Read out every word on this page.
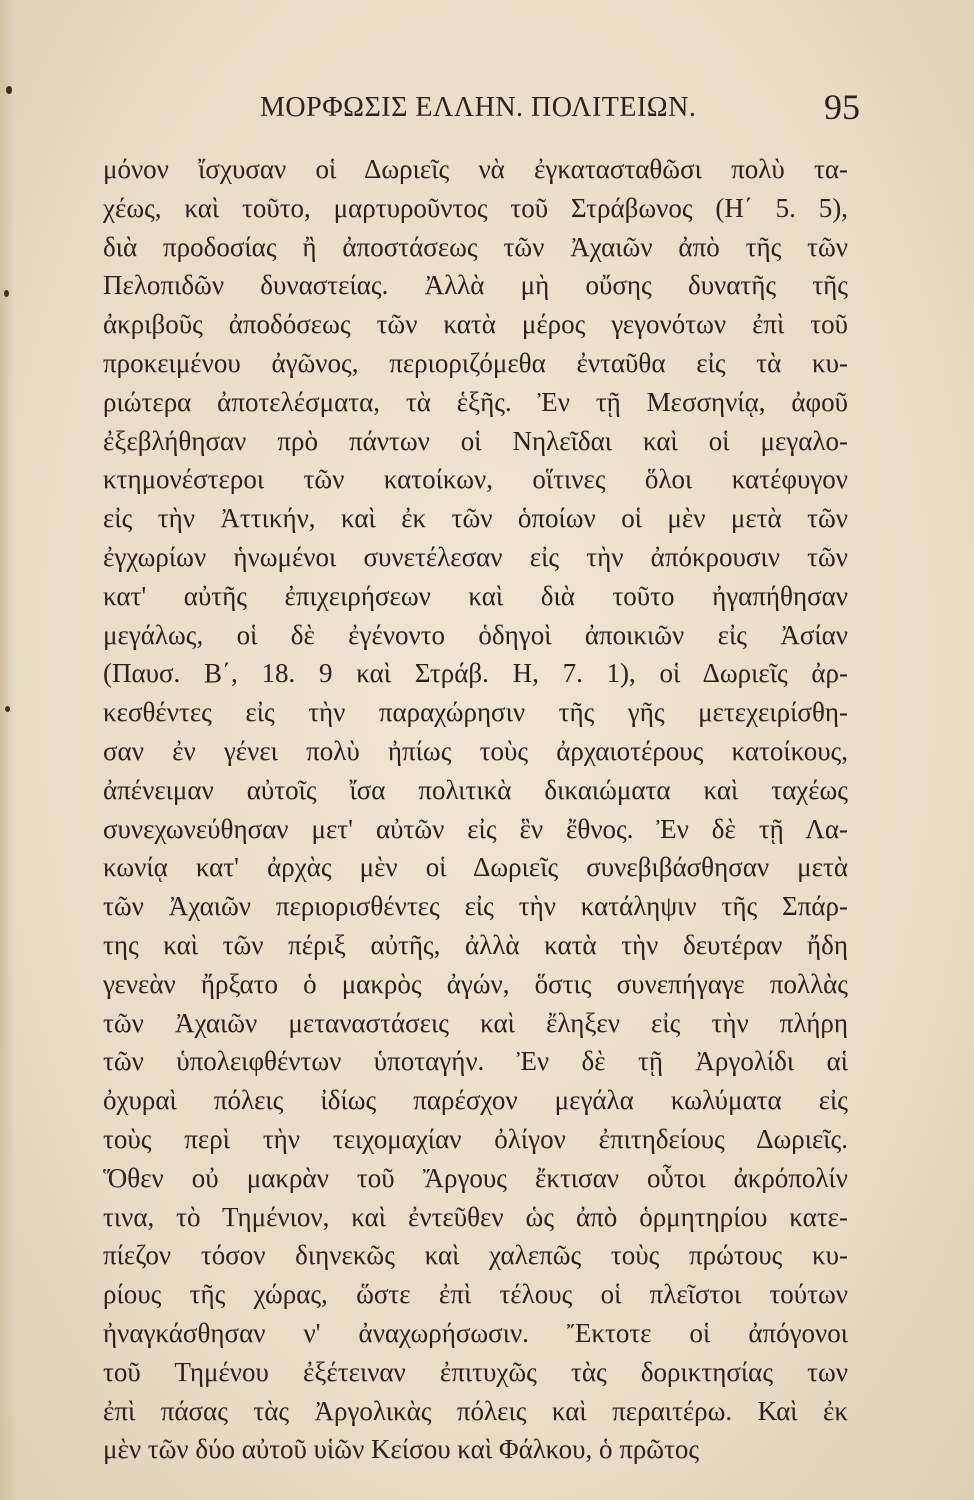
ΜΟΡΦΩΣΙΣ ΕΛΛΗΝ. ΠΟΛΙΤΕΙΩΝ.	95
μόνον ἴσχυσαν οἱ Δωριεῖς νὰ ἐγκατασταθῶσι πολὺ τα-
χέως, καὶ τοῦτο, μαρτυροῦντος τοῦ Στράβωνος (Η΄ 5. 5),
διὰ προδοσίας ἢ ἀποστάσεως τῶν Ἀχαιῶν ἀπὸ τῆς τῶν
Πελοπιδῶν δυναστείας. Ἀλλὰ μὴ οὔσης δυνατῆς τῆς
ἀκριβοῦς ἀποδόσεως τῶν κατὰ μέρος γεγονότων ἐπὶ τοῦ
προκειμένου ἀγῶνος, περιοριζόμεθα ἐνταῦθα εἰς τὰ κυ-
ριώτερα ἀποτελέσματα, τὰ ἑξῆς. Ἐν τῇ Μεσσηνίᾳ, ἀφοῦ
ἐξεβλήθησαν πρὸ πάντων οἱ Νηλεῖδαι καὶ οἱ μεγαλο-
κτημονέστεροι τῶν κατοίκων, οἵτινες ὅλοι κατέφυγον
εἰς τὴν Ἀττικήν, καὶ ἐκ τῶν ὁποίων οἱ μὲν μετὰ τῶν
ἐγχωρίων ἡνωμένοι συνετέλεσαν εἰς τὴν ἀπόκρουσιν τῶν
κατ' αὐτῆς ἐπιχειρήσεων καὶ διὰ τοῦτο ἠγαπήθησαν
μεγάλως, οἱ δὲ ἐγένοντο ὁδηγοὶ ἀποικιῶν εἰς Ἀσίαν
(Παυσ. Β΄, 18. 9 καὶ Στράβ. Η, 7. 1), οἱ Δωριεῖς ἀρ-
κεσθέντες εἰς τὴν παραχώρησιν τῆς γῆς μετεχειρίσθη-
σαν ἐν γένει πολὺ ἠπίως τοὺς ἀρχαιοτέρους κατοίκους,
ἀπένειμαν αὐτοῖς ἴσα πολιτικὰ δικαιώματα καὶ ταχέως
συνεχωνεύθησαν μετ' αὐτῶν εἰς ἓν ἔθνος. Ἐν δὲ τῇ Λα-
κωνίᾳ κατ' ἀρχὰς μὲν οἱ Δωριεῖς συνεβιβάσθησαν μετὰ
τῶν Ἀχαιῶν περιορισθέντες εἰς τὴν κατάληψιν τῆς Σπάρ-
της καὶ τῶν πέριξ αὐτῆς, ἀλλὰ κατὰ τὴν δευτέραν ἤδη
γενεὰν ἤρξατο ὁ μακρὸς ἀγών, ὅστις συνεπήγαγε πολλὰς
τῶν Ἀχαιῶν μεταναστάσεις καὶ ἔληξεν εἰς τὴν πλήρη
τῶν ὑπολειφθέντων ὑποταγήν. Ἐν δὲ τῇ Ἀργολίδι αἱ
ὀχυραὶ πόλεις ἰδίως παρέσχον μεγάλα κωλύματα εἰς
τοὺς περὶ τὴν τειχομαχίαν ὀλίγον ἐπιτηδείους Δωριεῖς.
Ὅθεν οὐ μακρὰν τοῦ Ἄργους ἔκτισαν οὗτοι ἀκρόπολίν
τινα, τὸ Τημένιον, καὶ ἐντεῦθεν ὡς ἀπὸ ὁρμητηρίου κατε-
πίεζον τόσον διηνεκῶς καὶ χαλεπῶς τοὺς πρώτους κυ-
ρίους τῆς χώρας, ὥστε ἐπὶ τέλους οἱ πλεῖστοι τούτων
ἠναγκάσθησαν ν' ἀναχωρήσωσιν. Ἔκτοτε οἱ ἀπόγονοι
τοῦ Τημένου ἐξέτειναν ἐπιτυχῶς τὰς δορικτησίας των
ἐπὶ πάσας τὰς Ἀργολικὰς πόλεις καὶ περαιτέρω. Καὶ ἐκ
μὲν τῶν δύο αὐτοῦ υἱῶν Κείσου καὶ Φάλκου, ὁ πρῶτος
